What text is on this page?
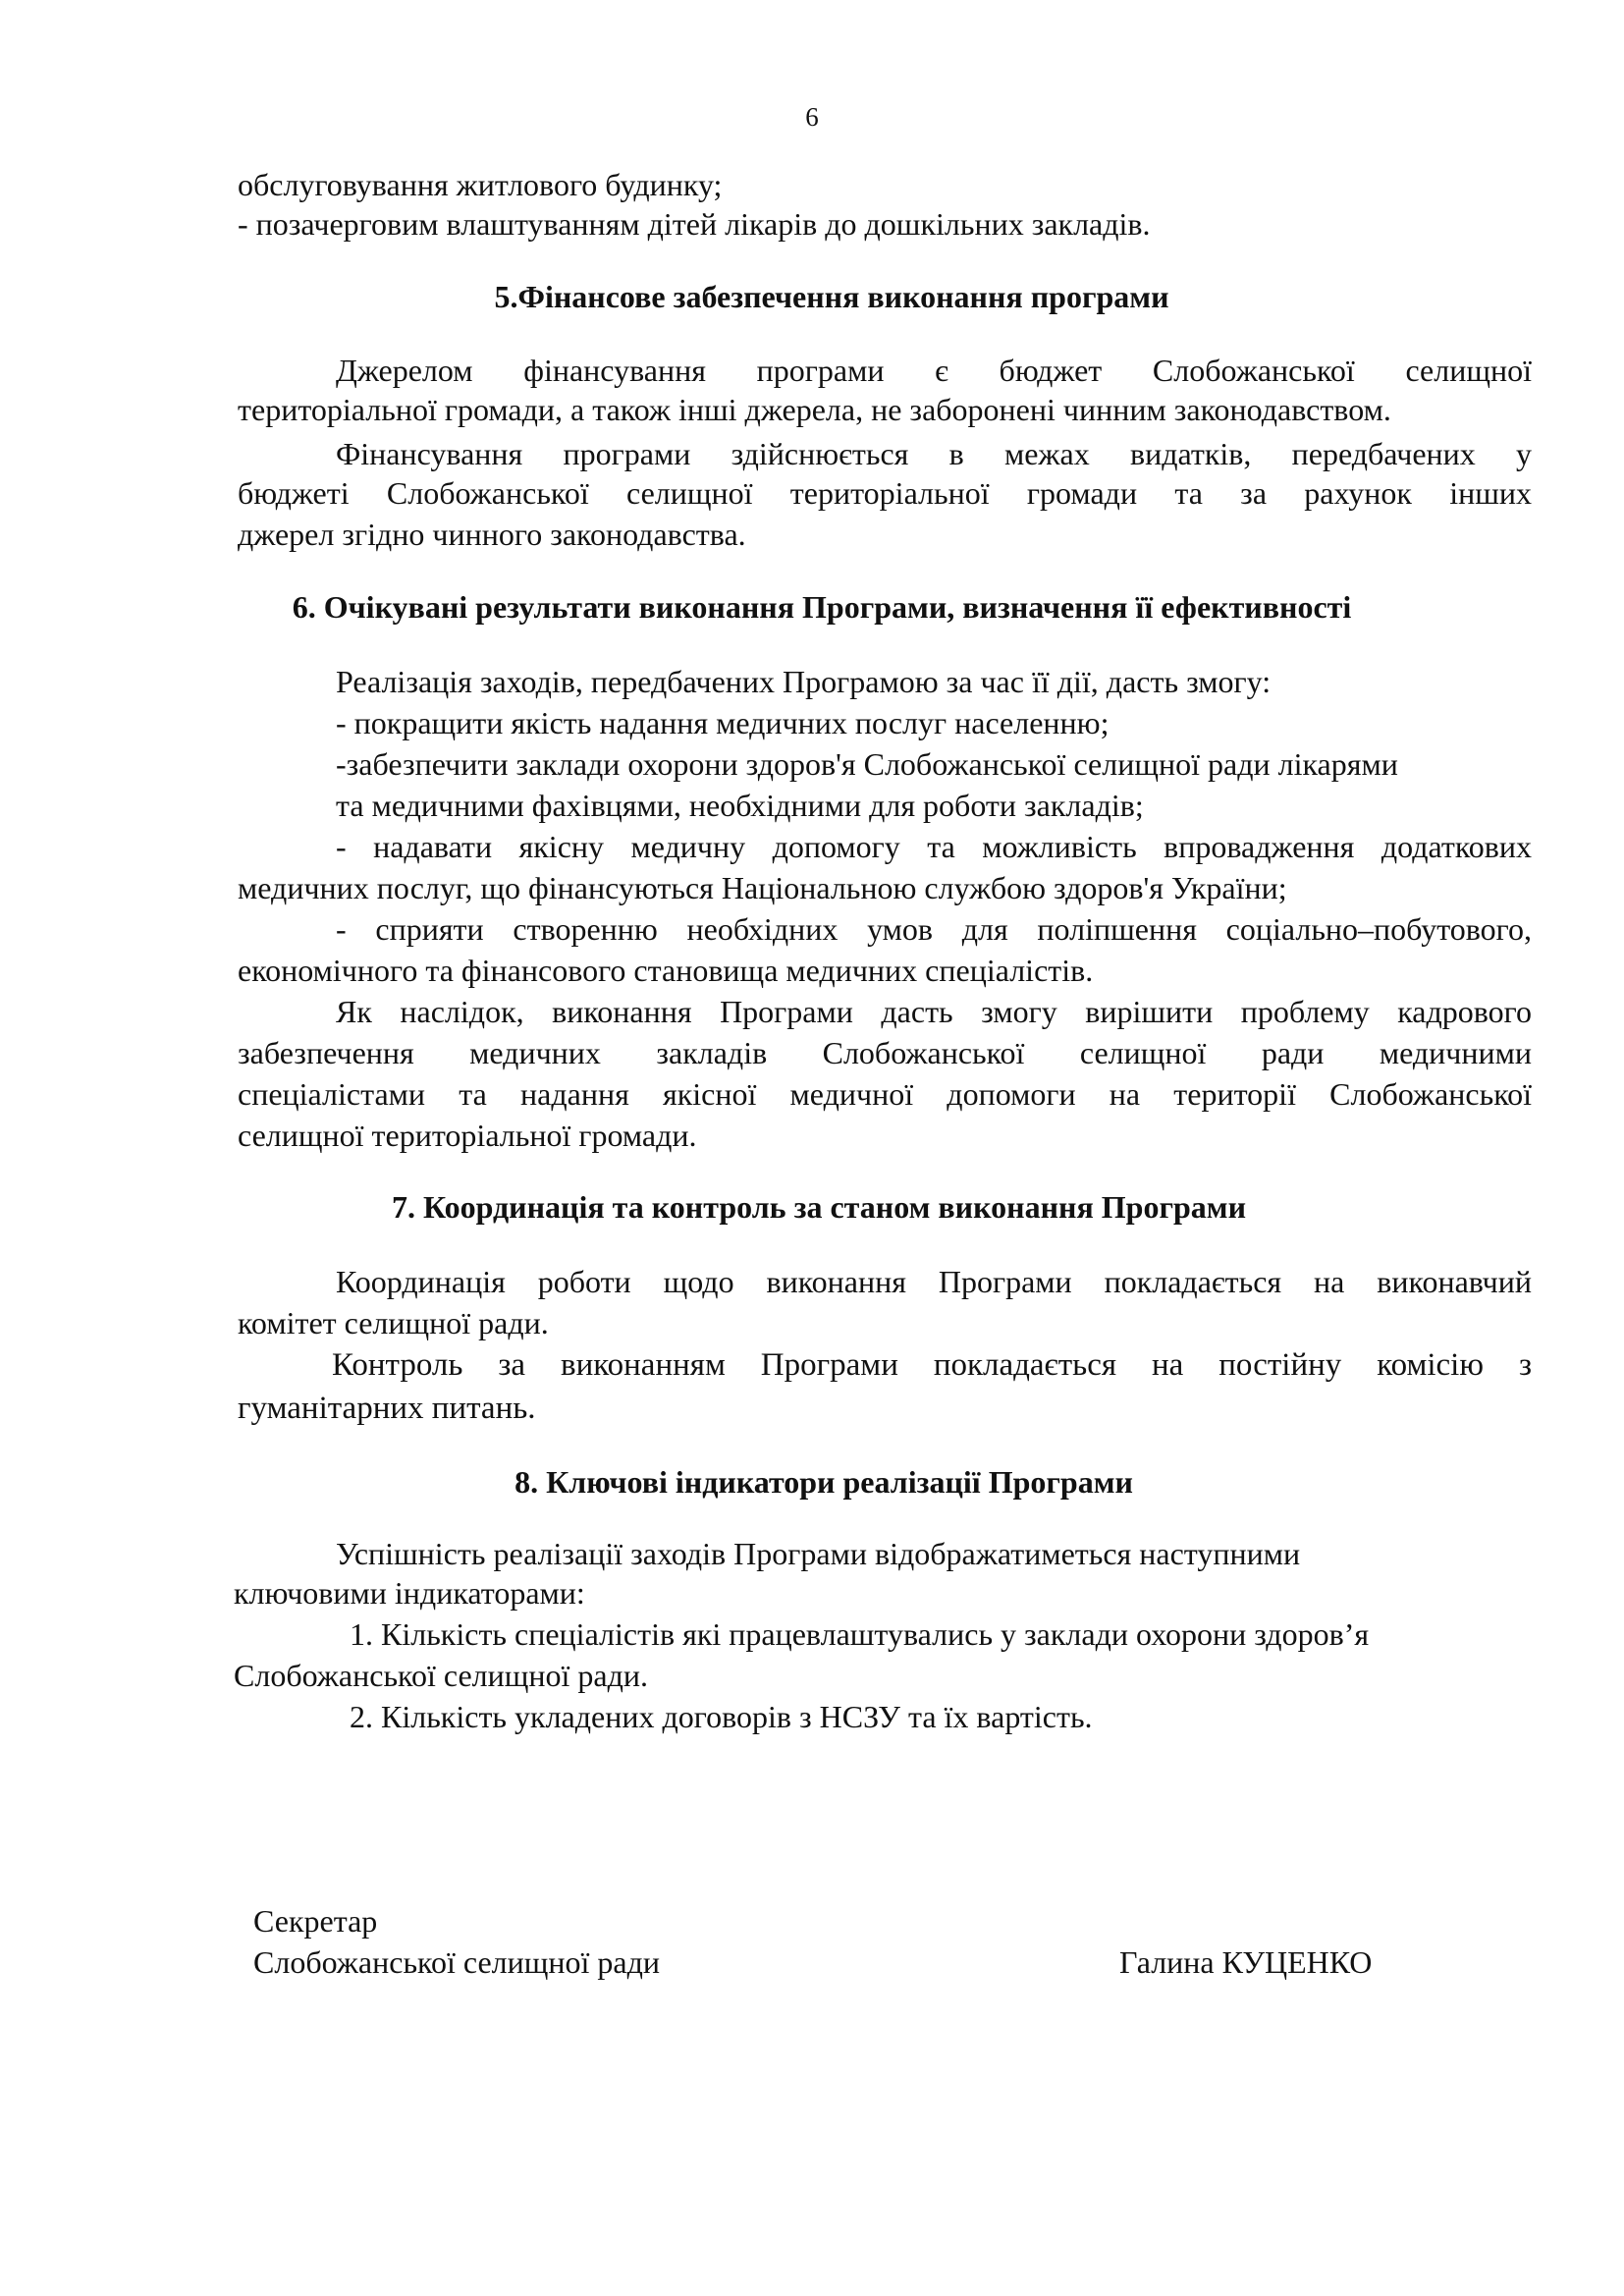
6
обслуговування житлового будинку;
- позачерговим влаштуванням дітей лікарів до дошкільних закладів.
5.Фінансове забезпечення виконання програми
Джерелом фінансування програми є бюджет Слобожанської селищної
територіальної громади, а також інші джерела, не заборонені чинним законодавством.
Фінансування програми здійснюється в межах видатків, передбачених у
бюджеті Слобожанської селищної територіальної громади та за рахунок інших
джерел згідно чинного законодавства.
6. Очікувані результати виконання Програми, визначення її ефективності
Реалізація заходів, передбачених Програмою за час її дії, дасть змогу:
- покращити якість надання медичних послуг населенню;
-забезпечити заклади охорони здоров'я Слобожанської селищної ради лікарями
та медичними фахівцями, необхідними для роботи закладів;
- надавати якісну медичну допомогу та можливість впровадження додаткових
медичних послуг, що фінансуються Національною службою здоров'я України;
- сприяти створенню необхідних умов для поліпшення соціально–побутового,
економічного та фінансового становища медичних спеціалістів.
Як наслідок, виконання Програми дасть змогу вирішити проблему кадрового
забезпечення медичних закладів Слобожанської селищної ради медичними
спеціалістами та надання якісної медичної допомоги на території Слобожанської
селищної територіальної громади.
7. Координація та контроль за станом виконання Програми
Координація роботи щодо виконання Програми покладається на виконавчий
комітет селищної ради.
Контроль за виконанням Програми покладається на постійну комісію з
гуманітарних питань.
8. Ключові індикатори реалізації Програми
Успішність реалізації заходів Програми відображатиметься наступними
ключовими індикаторами:
1. Кількість спеціалістів які працевлаштувались у заклади охорони здоров’я
Слобожанської селищної ради.
2. Кількість укладених договорів з НСЗУ та їх вартість.
Секретар
Слобожанської селищної ради	Галина КУЦЕНКО
